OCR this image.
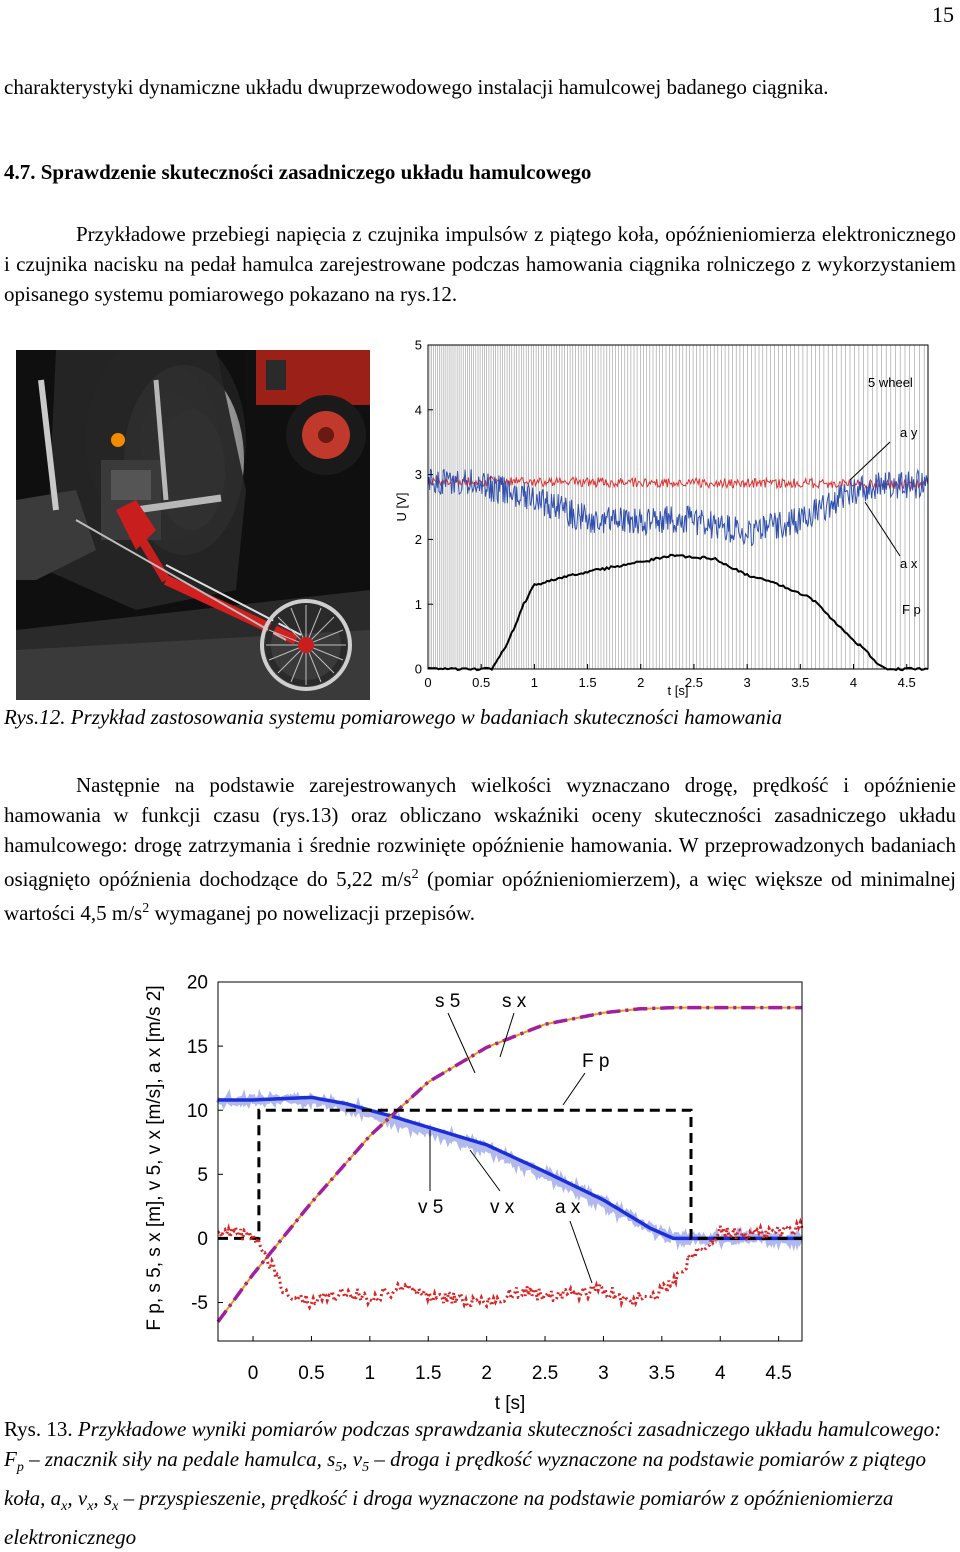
15

charakterystyki dynamiczne układu dwuprzewodowego instalacji hamulcowej badanego ciągnika.

4.7. Sprawdzenie skuteczności zasadniczego układu hamulcowego

Przykładowe przebiegi napięcia z czujnika impulsów z piątego koła, opóźnieniomierza elektronicznego i czujnika nacisku na pedał hamulca zarejestrowane podczas hamowania ciągnika rolniczego z wykorzystaniem opisanego systemu pomiarowego pokazano na rys.12.

0	0.5	1	1.5	2	2.5	3	3.5	4	4.5
0
1
2
3
4
5
t [s]
U [V]
5 wheel
a y
a x
F p
Rys.12. Przykład zastosowania systemu pomiarowego w badaniach skuteczności hamowania

Następnie na podstawie zarejestrowanych wielkości wyznaczano drogę, prędkość i opóźnienie hamowania w funkcji czasu (rys.13) oraz obliczano wskaźniki oceny skuteczności zasadniczego układu hamulcowego: drogę zatrzymania i średnie rozwinięte opóźnienie hamowania. W przeprowadzonych badaniach osiągnięto opóźnienia dochodzące do 5,22 $m/s^2$ (pomiar opóźnieniomierzem), a więc większe od minimalnej wartości 4,5 $m/s^2$ wymaganej po nowelizacji przepisów.

0 0.5 1 1.5 2 2.5 3 3.5 4 4.5
-5
0
5
10
15
20
t [s]
F p, s 5, s x [m], v 5, v x [m/s], a x [m/s 2]	s 5 s x
F p
v 5 v x a x
Rys. 13. Przykładowe wyniki pomiarów podczas sprawdzania skuteczności zasadniczego układu hamulcowego: $F_p$ – znacznik siły na pedale hamulca, $s_5$, $v_5$ – droga i prędkość wyznaczone na podstawie pomiarów z piątego koła, $a_x$, $v_x$, $s_x$ – przyspieszenie, prędkość i droga wyznaczone na podstawie pomiarów z opóźnieniomierza elektronicznego
